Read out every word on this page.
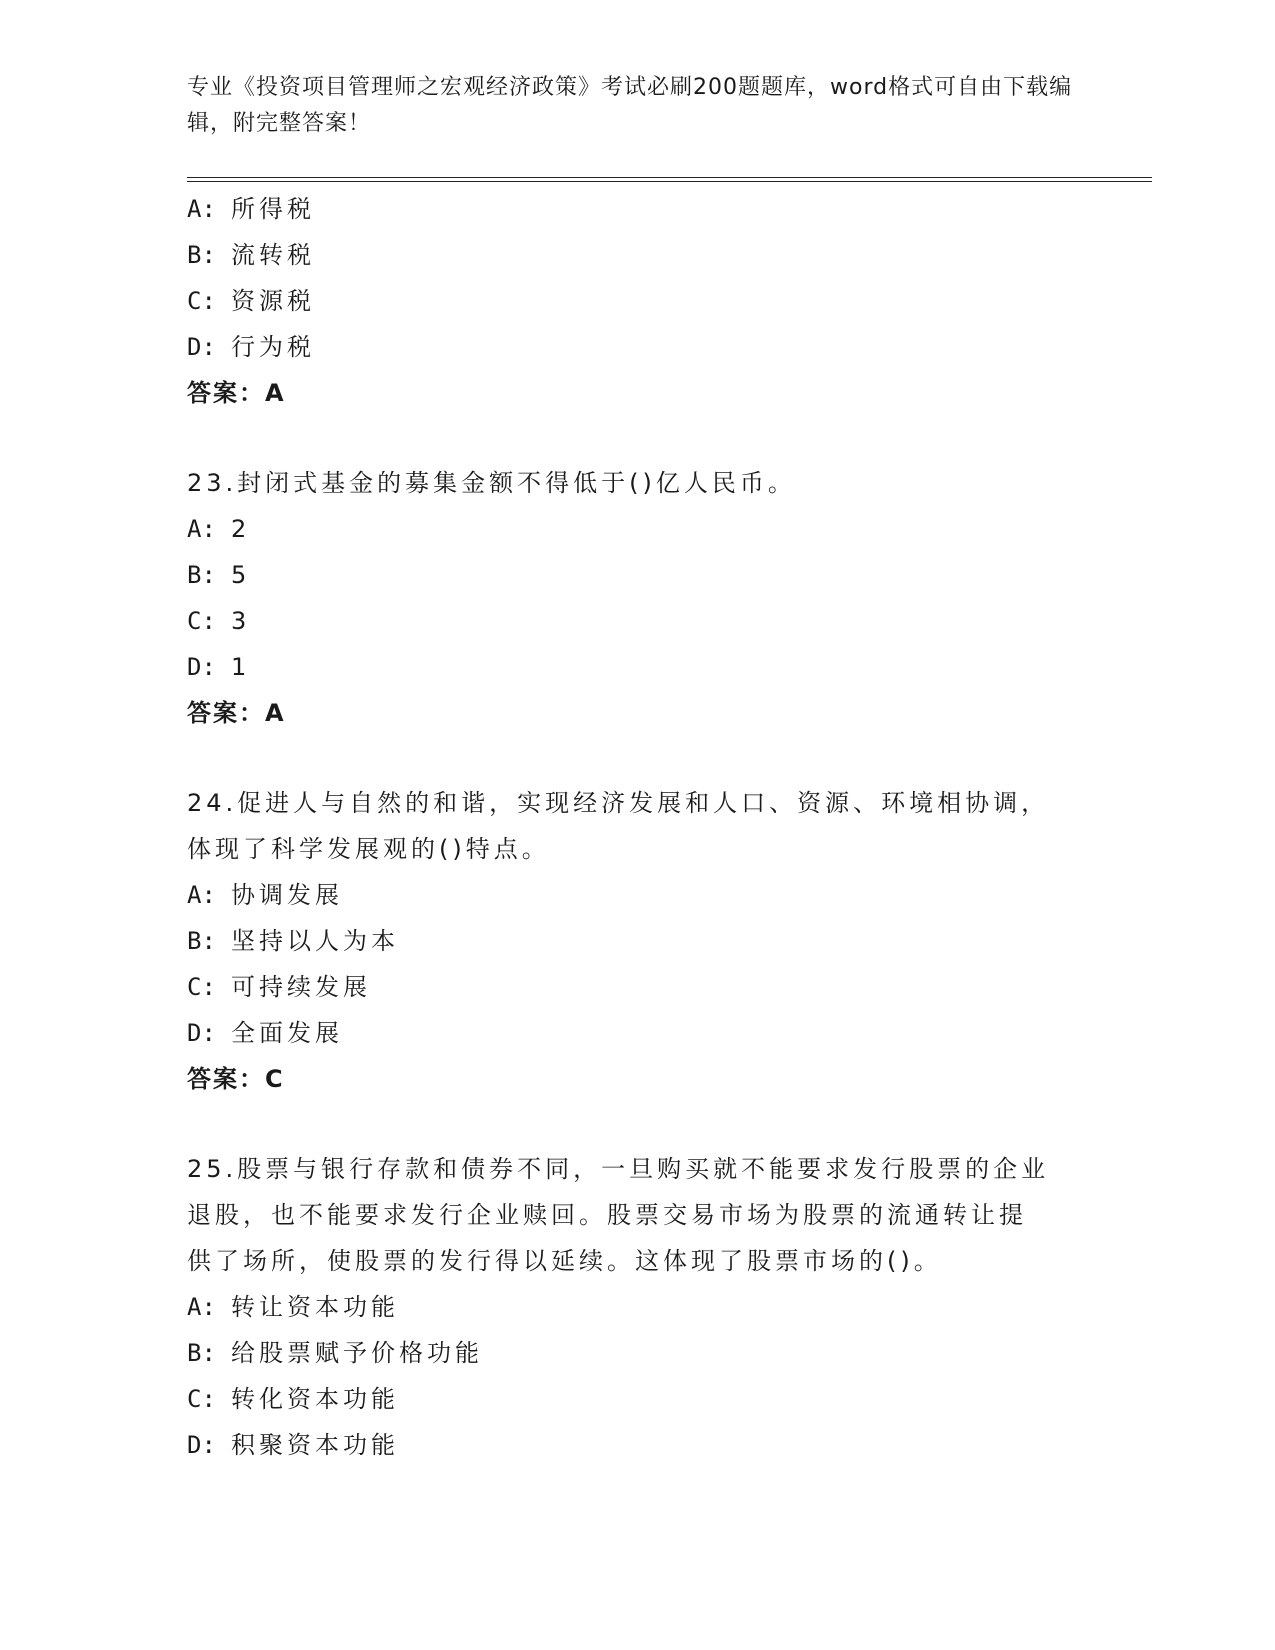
专业《投资项目管理师之宏观经济政策》考试必刷200题题库，word格式可自由下载编辑，附完整答案！
A : 所得税
B : 流转税
C : 资源税
D : 行为税
答案：A
23.封闭式基金的募集金额不得低于()亿人民币。
A : 2
B : 5
C : 3
D : 1
答案：A
24.促进人与自然的和谐，实现经济发展和人口、资源、环境相协调，
体现了科学发展观的()特点。
A : 协调发展
B : 坚持以人为本
C : 可持续发展
D : 全面发展
答案：C
25.股票与银行存款和债券不同，一旦购买就不能要求发行股票的企业
退股，也不能要求发行企业赎回。股票交易市场为股票的流通转让提
供了场所，使股票的发行得以延续。这体现了股票市场的()。
A : 转让资本功能
B : 给股票赋予价格功能
C : 转化资本功能
D : 积聚资本功能
